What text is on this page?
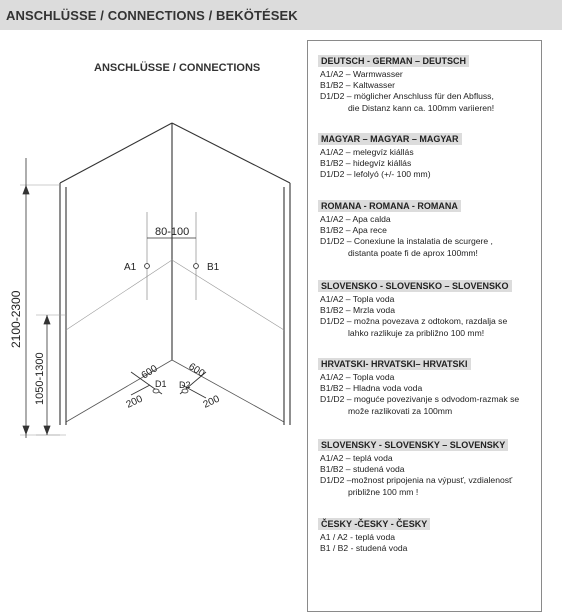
ANSCHLÜSSE / CONNECTIONS / BEKÖTÉSEK
ANSCHLÜSSE / CONNECTIONS
2100-2300
1050-1300
80-100
A1	B1
D1 D2
600	600
200	200
DEUTSCH - GERMAN – DEUTSCH
A1/A2 – Warmwasser
B1/B2 – Kaltwasser
D1/D2 – möglicher Anschluss für den Abfluss,
die Distanz kann ca. 100mm variieren!
MAGYAR – MAGYAR – MAGYAR
A1/A2 – melegvíz kiállás
B1/B2 – hidegvíz kiállás
D1/D2 – lefolyó (+/- 100 mm)
ROMANA - ROMANA - ROMANA
A1/A2 – Apa calda
B1/B2 – Apa rece
D1/D2 – Conexiune la instalatia de scurgere ,
distanta poate fi de aprox 100mm!
SLOVENSKO - SLOVENSKO – SLOVENSKO
A1/A2 – Topla voda
B1/B2 – Mrzla voda
D1/D2 – možna povezava z odtokom, razdalja se
lahko razlikuje za približno 100 mm!
HRVATSKI- HRVATSKI– HRVATSKI
A1/A2 – Topla voda
B1/B2 – Hladna voda voda
D1/D2 – moguće povezivanje s odvodom-razmak se
može razlikovati za 100mm
SLOVENSKY - SLOVENSKY – SLOVENSKY
A1/A2 – teplá voda
B1/B2 – studená voda
D1/D2 –možnost pripojenia na výpusť, vzdialenosť
približne 100 mm !
ČESKY -ČESKY - ČESKY
A1 / A2 - teplá voda
B1 / B2 - studená voda
